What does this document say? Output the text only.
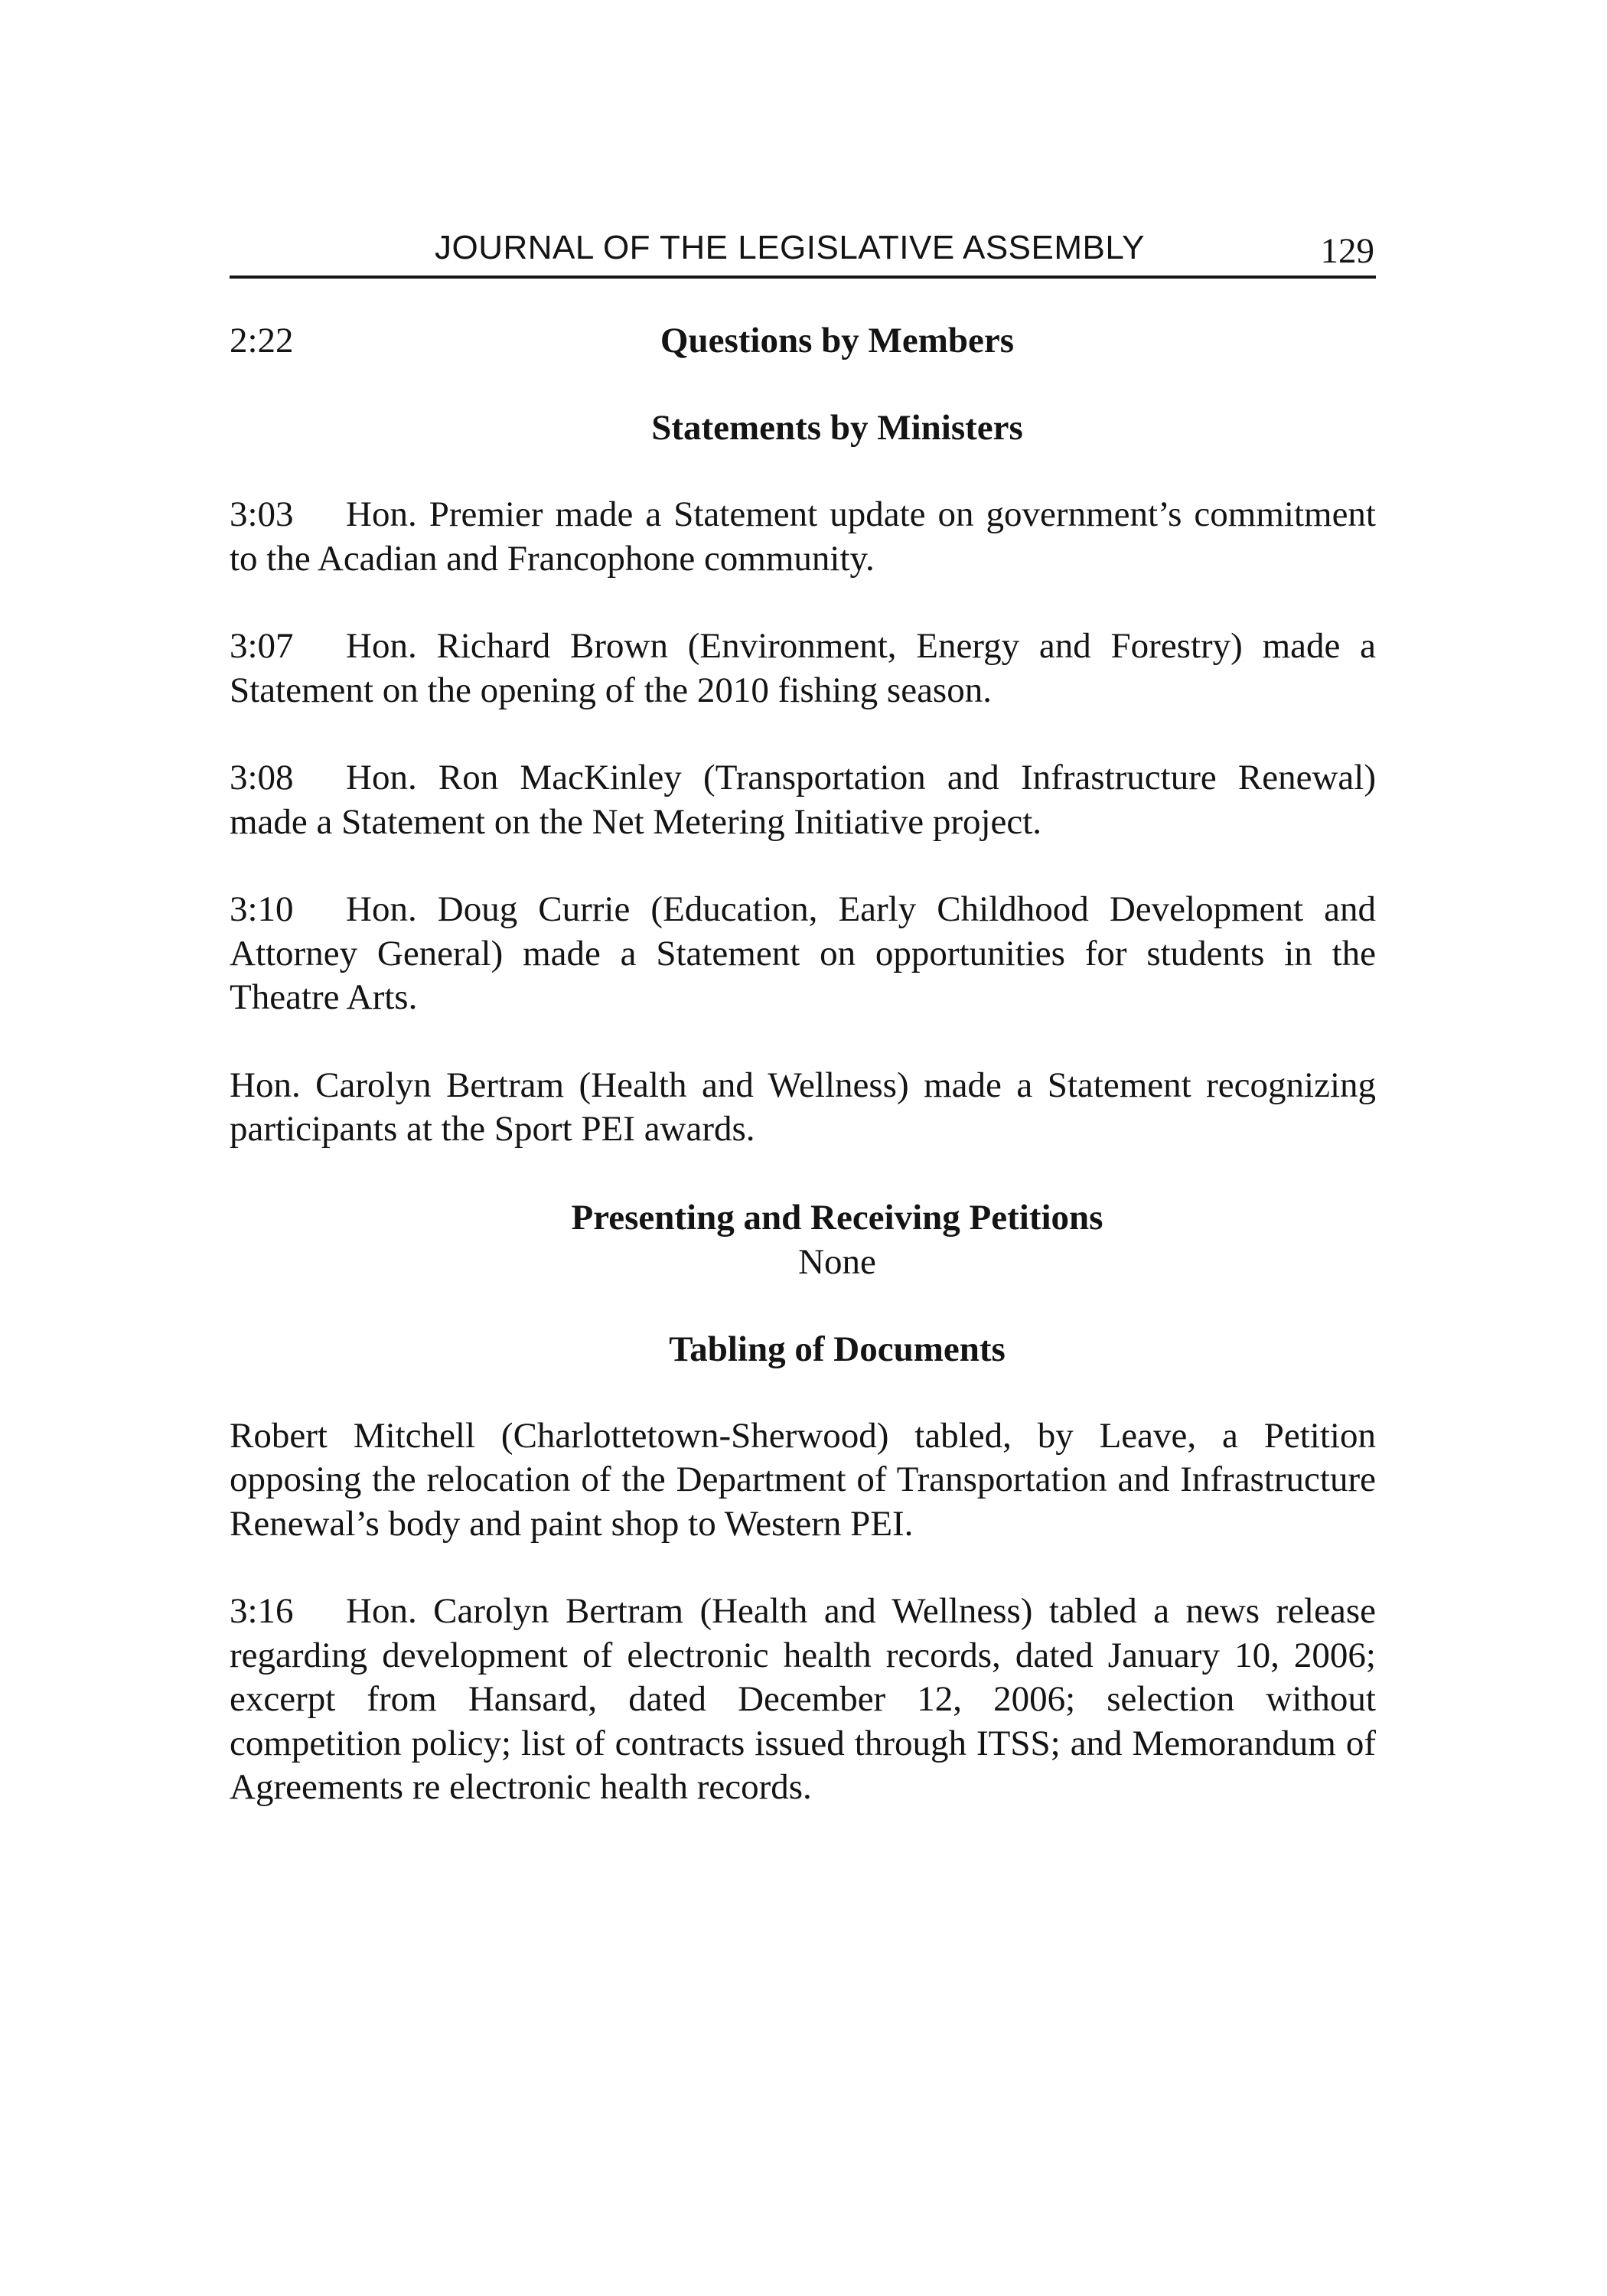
JOURNAL OF THE LEGISLATIVE ASSEMBLY	129
2:22	Questions by Members
Statements by Ministers

3:03 Hon. Premier made a Statement update on government’s commitment to the Acadian and Francophone community.

3:07 Hon. Richard Brown (Environment, Energy and Forestry) made a Statement on the opening of the 2010 fishing season.

3:08 Hon. Ron MacKinley (Transportation and Infrastructure Renewal) made a Statement on the Net Metering Initiative project.

3:10 Hon. Doug Currie (Education, Early Childhood Development and Attorney General) made a Statement on opportunities for students in the Theatre Arts.

Hon. Carolyn Bertram (Health and Wellness) made a Statement recognizing participants at the Sport PEI awards.

Presenting and Receiving Petitions
None
Tabling of Documents

Robert Mitchell (Charlottetown-Sherwood) tabled, by Leave, a Petition opposing the relocation of the Department of Transportation and Infrastructure Renewal’s body and paint shop to Western PEI.

3:16 Hon. Carolyn Bertram (Health and Wellness) tabled a news release regarding development of electronic health records, dated January 10, 2006; excerpt from Hansard, dated December 12, 2006; selection without competition policy; list of contracts issued through ITSS; and Memorandum of Agreements re electronic health records.
